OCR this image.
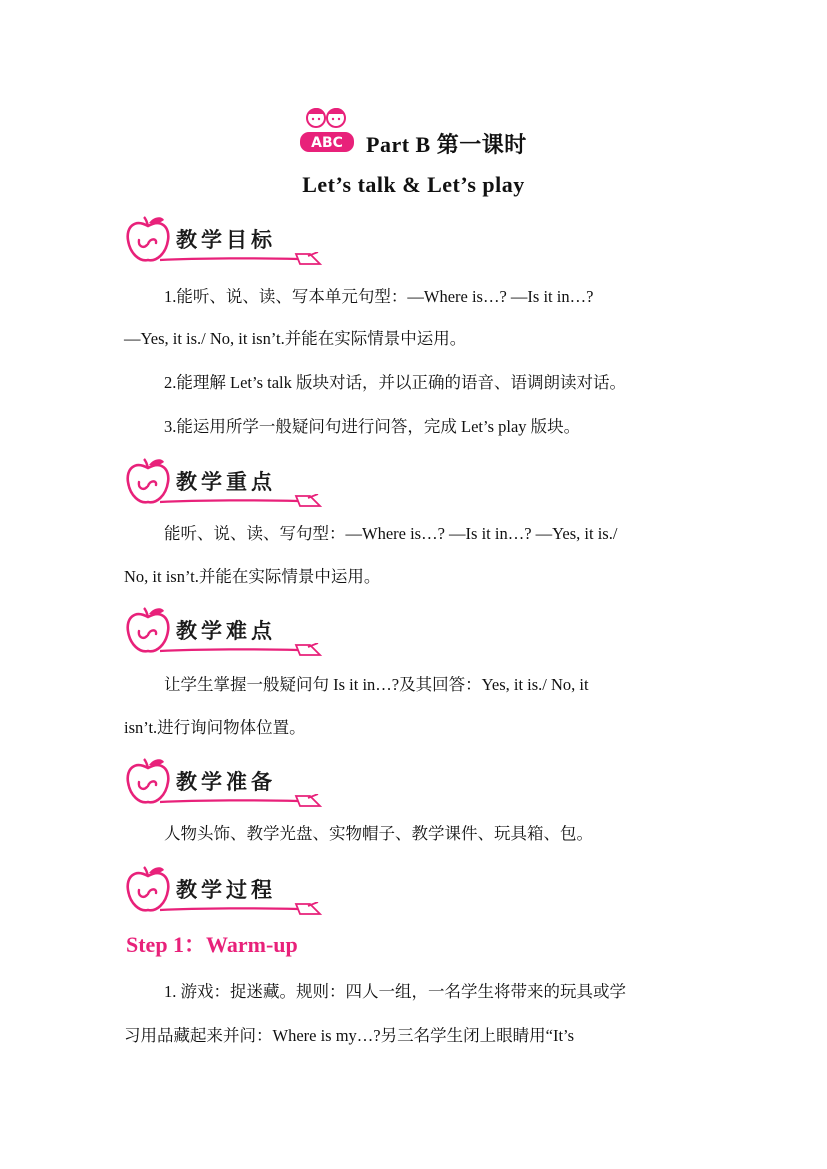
ABC Part B 第一课时
Let’s talk & Let’s play
教学目标
1.能听、说、读、写本单元句型：—Where is…? —Is it in…?
—Yes, it is./ No, it isn’t.并能在实际情景中运用。
2.能理解 Let’s talk 版块对话，并以正确的语音、语调朗读对话。
3.能运用所学一般疑问句进行问答，完成 Let’s play 版块。
教学重点
能听、说、读、写句型：—Where is…? —Is it in…? —Yes, it is./
No, it isn’t.并能在实际情景中运用。
教学难点
让学生掌握一般疑问句 Is it in…?及其回答：Yes, it is./ No, it
isn’t.进行询问物体位置。
教学准备
人物头饰、教学光盘、实物帽子、教学课件、玩具箱、包。
教学过程
Step 1：Warm-up
1. 游戏：捉迷藏。规则：四人一组，一名学生将带来的玩具或学
习用品藏起来并问：Where is my…?另三名学生闭上眼睛用“It’s
